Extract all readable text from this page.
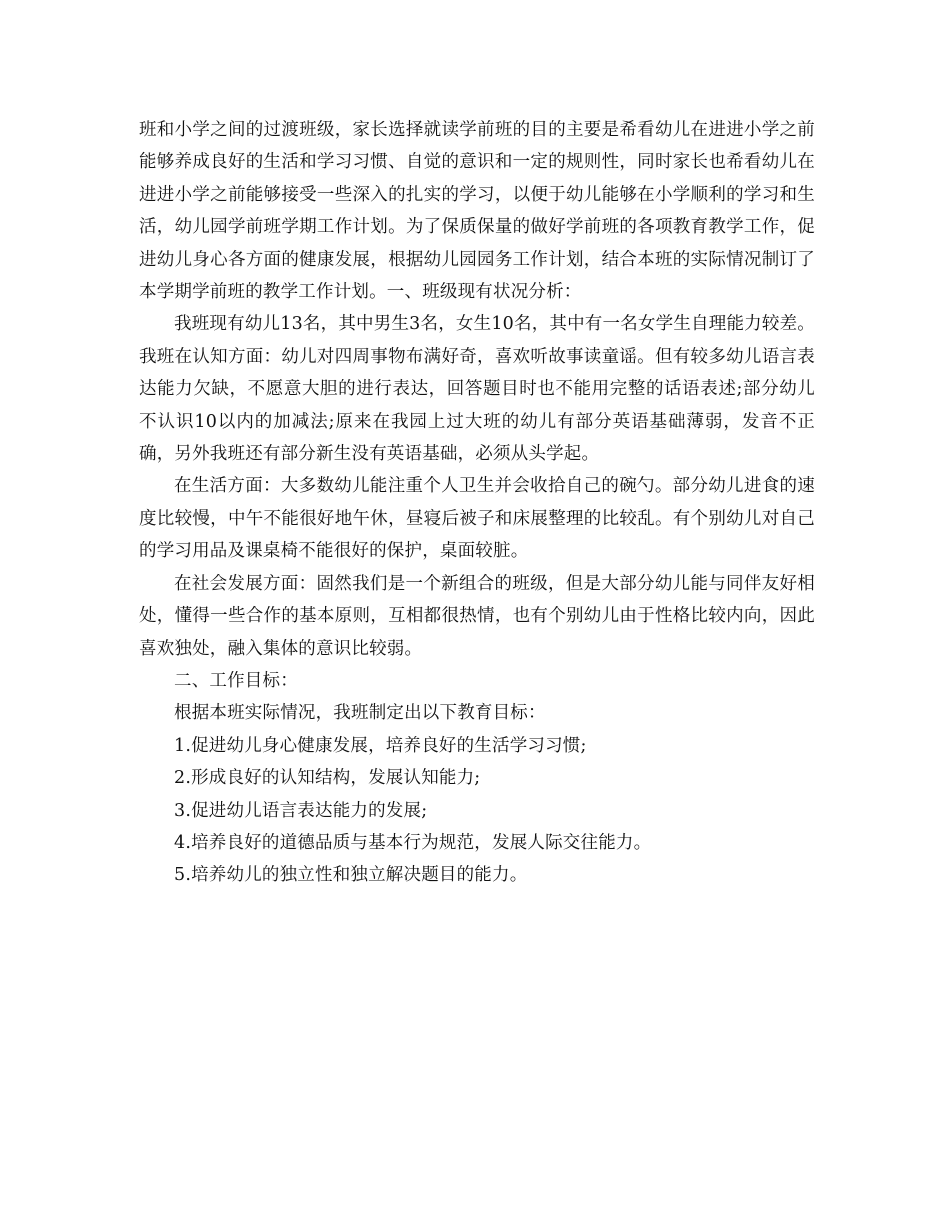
班和小学之间的过渡班级，家长选择就读学前班的目的主要是希看幼儿在进进小学之前能够养成良好的生活和学习习惯、自觉的意识和一定的规则性，同时家长也希看幼儿在进进小学之前能够接受一些深入的扎实的学习，以便于幼儿能够在小学顺利的学习和生活，幼儿园学前班学期工作计划。为了保质保量的做好学前班的各项教育教学工作，促进幼儿身心各方面的健康发展，根据幼儿园园务工作计划，结合本班的实际情况制订了本学期学前班的教学工作计划。一、班级现有状况分析：

我班现有幼儿13名，其中男生3名，女生10名，其中有一名女学生自理能力较差。我班在认知方面：幼儿对四周事物布满好奇，喜欢听故事读童谣。但有较多幼儿语言表达能力欠缺，不愿意大胆的进行表达，回答题目时也不能用完整的话语表述;部分幼儿不认识10以内的加减法;原来在我园上过大班的幼儿有部分英语基础薄弱，发音不正确，另外我班还有部分新生没有英语基础，必须从头学起。

在生活方面：大多数幼儿能注重个人卫生并会收拾自己的碗勺。部分幼儿进食的速度比较慢，中午不能很好地午休，昼寝后被子和床展整理的比较乱。有个别幼儿对自己的学习用品及课桌椅不能很好的保护，桌面较脏。

在社会发展方面：固然我们是一个新组合的班级，但是大部分幼儿能与同伴友好相处，懂得一些合作的基本原则，互相都很热情，也有个别幼儿由于性格比较内向，因此喜欢独处，融入集体的意识比较弱。

二、工作目标：

根据本班实际情况，我班制定出以下教育目标：

1.促进幼儿身心健康发展，培养良好的生活学习习惯;

2.形成良好的认知结构，发展认知能力;

3.促进幼儿语言表达能力的发展;

4.培养良好的道德品质与基本行为规范，发展人际交往能力。

5.培养幼儿的独立性和独立解决题目的能力。
